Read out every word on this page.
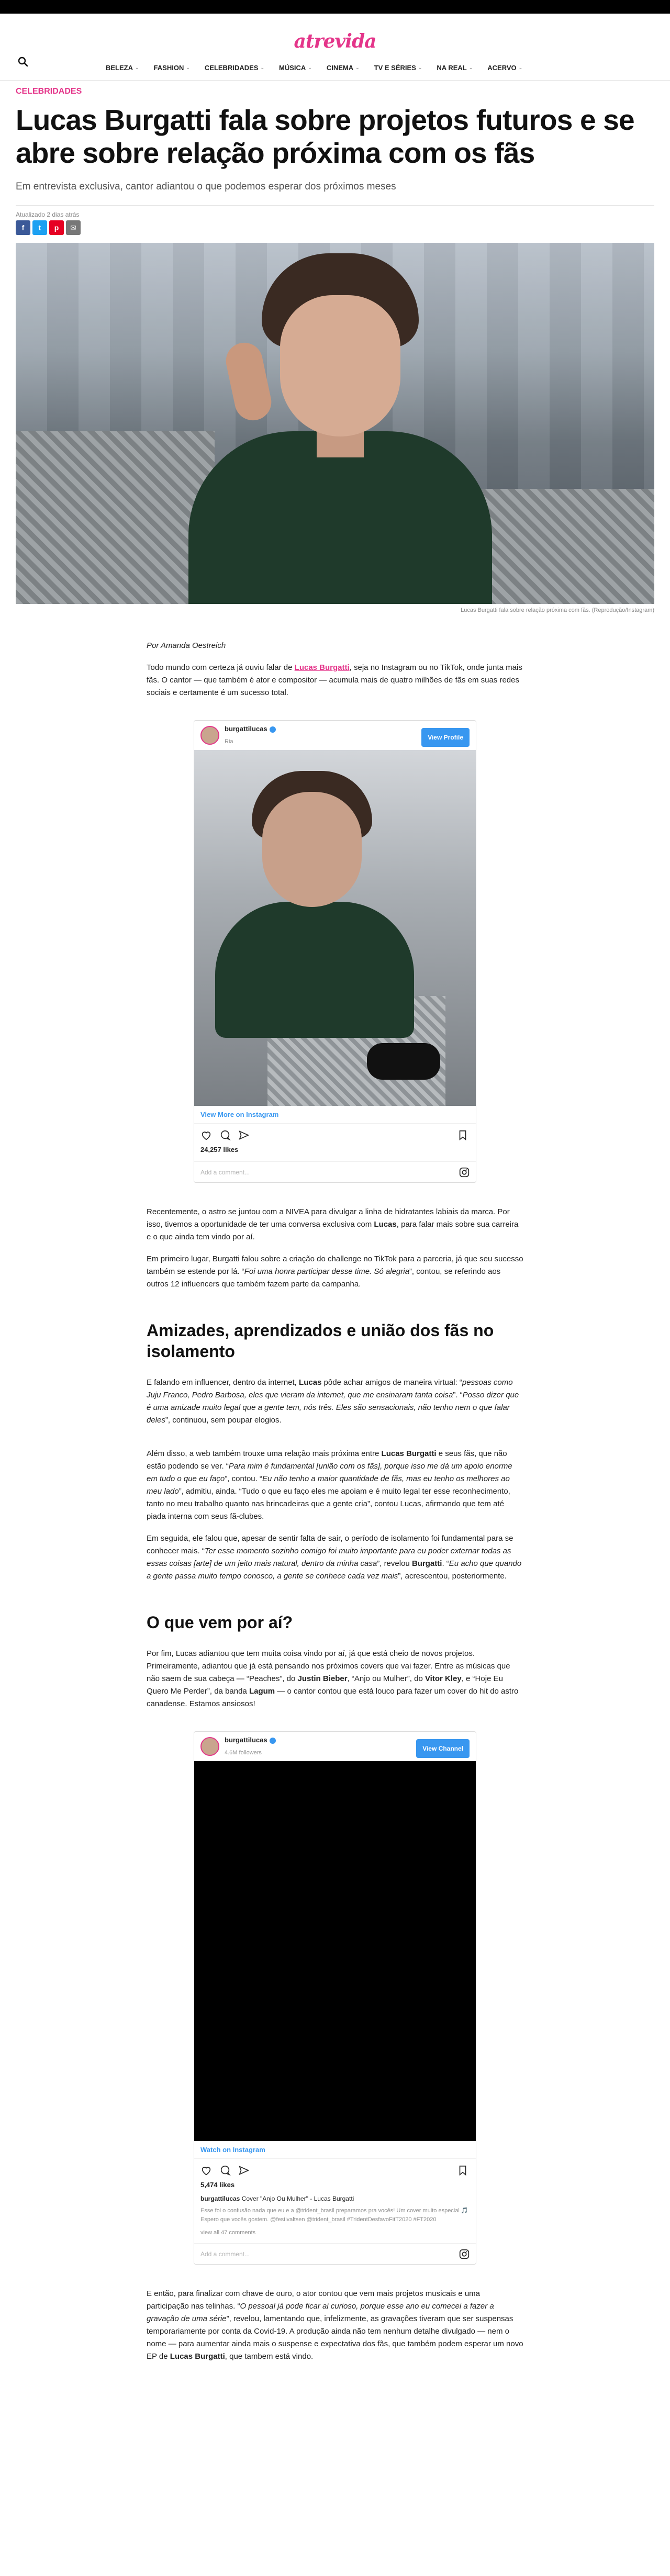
atrevida
BELEZA ⌄ FASHION ⌄ CELEBRIDADES ⌄ MÚSICA ⌄ CINEMA ⌄ TV E SÉRIES ⌄ NA REAL ⌄ ACERVO ⌄
CELEBRIDADES
Lucas Burgatti fala sobre projetos futuros e se abre sobre relação próxima com os fãs
Em entrevista exclusiva, cantor adiantou o que podemos esperar dos próximos meses
Atualizado 2 dias atrás
f	t	p	✉
Lucas Burgatti fala sobre relação próxima com fãs. (Reprodução/Instagram)

Por Amanda Oestreich

Todo mundo com certeza já ouviu falar de Lucas Burgatti, seja no Instagram ou no TikTok, onde junta mais fãs. O cantor — que também é ator e compositor — acumula mais de quatro milhões de fãs em suas redes sociais e certamente é um sucesso total.

burgattilucas
Ria
View Profile
View More on Instagram
24,257 likes
Add a comment...

Recentemente, o astro se juntou com a NIVEA para divulgar a linha de hidratantes labiais da marca. Por isso, tivemos a oportunidade de ter uma conversa exclusiva com Lucas, para falar mais sobre sua carreira e o que ainda tem vindo por aí.

Em primeiro lugar, Burgatti falou sobre a criação do challenge no TikTok para a parceria, já que seu sucesso também se estende por lá. “Foi uma honra participar desse time. Só alegria”, contou, se referindo aos outros 12 influencers que também fazem parte da campanha.

Amizades, aprendizados e união dos fãs no isolamento

E falando em influencer, dentro da internet, Lucas pôde achar amigos de maneira virtual: “pessoas como Juju Franco, Pedro Barbosa, eles que vieram da internet, que me ensinaram tanta coisa”. “Posso dizer que é uma amizade muito legal que a gente tem, nós três. Eles são sensacionais, não tenho nem o que falar deles”, continuou, sem poupar elogios.

Além disso, a web também trouxe uma relação mais próxima entre Lucas Burgatti e seus fãs, que não estão podendo se ver. “Para mim é fundamental [união com os fãs], porque isso me dá um apoio enorme em tudo o que eu faço”, contou. “Eu não tenho a maior quantidade de fãs, mas eu tenho os melhores ao meu lado”, admitiu, ainda. “Tudo o que eu faço eles me apoiam e é muito legal ter esse reconhecimento, tanto no meu trabalho quanto nas brincadeiras que a gente cria”, contou Lucas, afirmando que tem até piada interna com seus fã-clubes.

Em seguida, ele falou que, apesar de sentir falta de sair, o período de isolamento foi fundamental para se conhecer mais. “Ter esse momento sozinho comigo foi muito importante para eu poder externar todas as essas coisas [arte] de um jeito mais natural, dentro da minha casa”, revelou Burgatti. “Eu acho que quando a gente passa muito tempo conosco, a gente se conhece cada vez mais”, acrescentou, posteriormente.

O que vem por aí?

Por fim, Lucas adiantou que tem muita coisa vindo por aí, já que está cheio de novos projetos. Primeiramente, adiantou que já está pensando nos próximos covers que vai fazer. Entre as músicas que não saem de sua cabeça — “Peaches”, do Justin Bieber, “Anjo ou Mulher”, do Vitor Kley, e “Hoje Eu Quero Me Perder”, da banda Lagum — o cantor contou que está louco para fazer um cover do hit do astro canadense. Estamos ansiosos!

burgattilucas
4.6M followers
View Channel
Watch on Instagram
5,474 likes
burgattilucas Cover "Anjo Ou Mulher" - Lucas Burgatti
Esse foi o confusão nada que eu e a @trident_brasil preparamos pra vocês! Um cover muito especial 🎵
Espero que vocês gostem. @festivaltsen @trident_brasil #TridentDesfavoFitT2020 #FT2020
view all 47 comments
Add a comment...

E então, para finalizar com chave de ouro, o ator contou que vem mais projetos musicais e uma participação nas telinhas. “O pessoal já pode ficar ai curioso, porque esse ano eu comecei a fazer a gravação de uma série”, revelou, lamentando que, infelizmente, as gravações tiveram que ser suspensas temporariamente por conta da Covid-19. A produção ainda não tem nenhum detalhe divulgado — nem o nome — para aumentar ainda mais o suspense e expectativa dos fãs, que também podem esperar um novo EP de Lucas Burgatti, que tambem está vindo.
